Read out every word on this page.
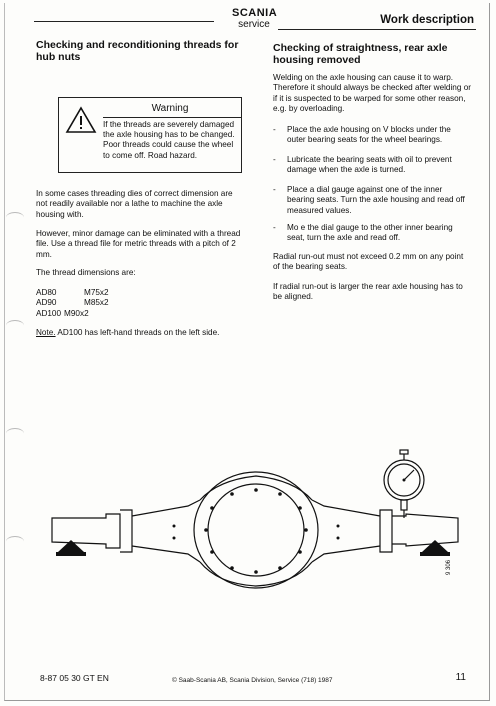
SCANIA
service	Work description
Checking and reconditioning threads for hub nuts
Warning
If the threads are severely damaged the axle housing has to be changed. Poor threads could cause the wheel to come off. Road hazard.

In some cases threading dies of correct dimension are not readily available nor a lathe to machine the axle housing with.

However, minor damage can be eliminated with a thread file. Use a thread file for metric threads with a pitch of 2 mm.

The thread dimensions are:

AD80	M75x2
AD90	M85x2
AD100 M90x2

Note. AD100 has left-hand threads on the left side.

Checking of straightness, rear axle housing removed

Welding on the axle housing can cause it to warp. Therefore it should always be checked after welding or if it is suspected to be warped for some other reason, e.g. by overloading.

- Place the axle housing on V blocks under the outer bearing seats for the wheel bearings.
- Lubricate the bearing seats with oil to prevent damage when the axle is turned.
- Place a dial gauge against one of the inner bearing seats. Turn the axle housing and read off measured values.
- Mo e the dial gauge to the other inner bearing seat, turn the axle and read off.

Radial run-out must not exceed 0.2 mm on any point of the bearing seats.

If radial run-out is larger the rear axle housing has to be aligned.

9 306
8-87 05 30 GT EN	© Saab-Scania AB, Scania Division, Service (718) 1987	11
